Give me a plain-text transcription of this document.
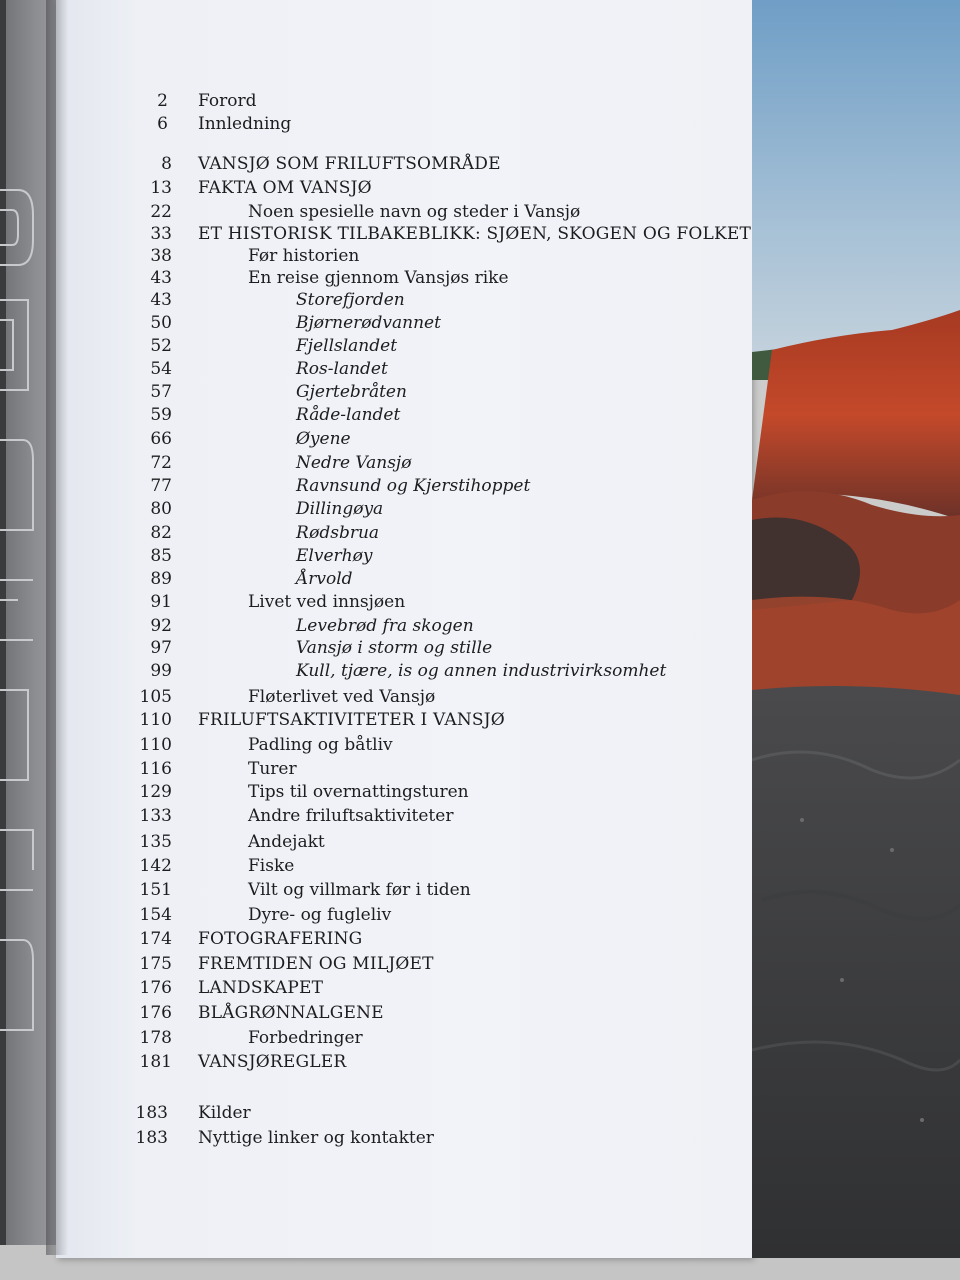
2 Forord
6 Innledning
8 VANSJØ SOM FRILUFTSOMRÅDE
13 FAKTA OM VANSJØ
22	Noen spesielle navn og steder i Vansjø
33 ET HISTORISK TILBAKEBLIKK: SJØEN, SKOGEN OG FOLKET
38	Før historien
43	En reise gjennom Vansjøs rike
43	Storefjorden
50	Bjørnerødvannet
52	Fjellslandet
54	Ros-landet
57	Gjertebråten
59	Råde-landet
66	Øyene
72	Nedre Vansjø
77	Ravnsund og Kjerstihoppet
80	Dillingøya
82	Rødsbrua
85	Elverhøy
89	Årvold
91	Livet ved innsjøen
92	Levebrød fra skogen
97	Vansjø i storm og stille
99	Kull, tjære, is og annen industrivirksomhet
105	Fløterlivet ved Vansjø
110 FRILUFTSAKTIVITETER I VANSJØ
110	Padling og båtliv
116	Turer
129	Tips til overnattingsturen
133	Andre friluftsaktiviteter
135	Andejakt
142	Fiske
151	Vilt og villmark før i tiden
154	Dyre- og fugleliv
174 FOTOGRAFERING
175 FREMTIDEN OG MILJØET
176 LANDSKAPET
176 BLÅGRØNNALGENE
178	Forbedringer
181 VANSJØREGLER
183 Kilder
183 Nyttige linker og kontakter
